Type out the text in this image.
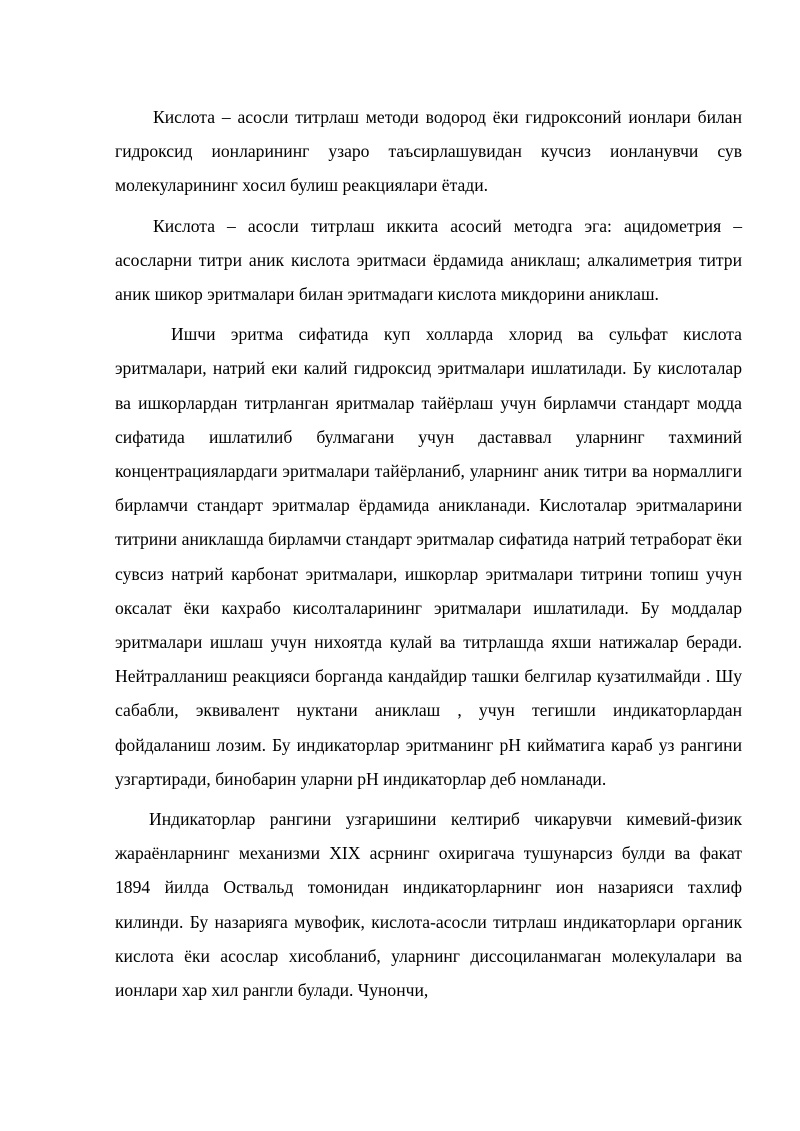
Кислота – асосли титрлаш методи водород ёки гидроксоний ионлари билан гидроксид ионларининг узаро таъсирлашувидан кучсиз ионланувчи сув молекуларининг хосил булиш реакциялари ётади.

Кислота – асосли титрлаш иккита асосий методга эга: ацидометрия – асосларни титри аник кислота эритмаси ёрдамида аниклаш; алкалиметрия титри аник шикор эритмалари билан эритмадаги кислота микдорини аниклаш.

Ишчи эритма сифатида куп холларда хлорид ва сульфат кислота эритмалари, натрий еки калий гидроксид эритмалари ишлатилади. Бу кислоталар ва ишкорлардан титрланган яритмалар тайёрлаш учун бирламчи стандарт модда сифатида ишлатилиб булмагани учун даставвал уларнинг тахминий концентрациялардаги эритмалари тайёрланиб, уларнинг аник титри ва нормаллиги бирламчи стандарт эритмалар ёрдамида аникланади. Кислоталар эритмаларини титрини аниклашда бирламчи стандарт эритмалар сифатида натрий тетраборат ёки сувсиз натрий карбонат эритмалари, ишкорлар эритмалари титрини топиш учун оксалат ёки кахрабо кисолталарининг эритмалари ишлатилади. Бу моддалар эритмалари ишлаш учун нихоятда кулай ва титрлашда яхши натижалар беради. Нейтралланиш реакцияси борганда кандайдир ташки белгилар кузатилмайди . Шу сабабли, эквивалент нуктани аниклаш , учун тегишли индикаторлардан фойдаланиш лозим. Бу индикаторлар эритманинг рН кийматига караб уз рангини узгартиради, бинобарин уларни рН индикаторлар деб номланади.

Индикаторлар рангини узгаришини келтириб чикарувчи кимевий-физик жараёнларнинг механизми XIX асрнинг охиригача тушунарсиз булди ва факат 1894 йилда Оствальд томонидан индикаторларнинг ион назарияси тахлиф килинди. Бу назарияга мувофик, кислота-асосли титрлаш индикаторлари органик кислота ёки асослар хисобланиб, уларнинг диссоциланмаган молекулалари ва ионлари хар хил рангли булади. Чунончи,
